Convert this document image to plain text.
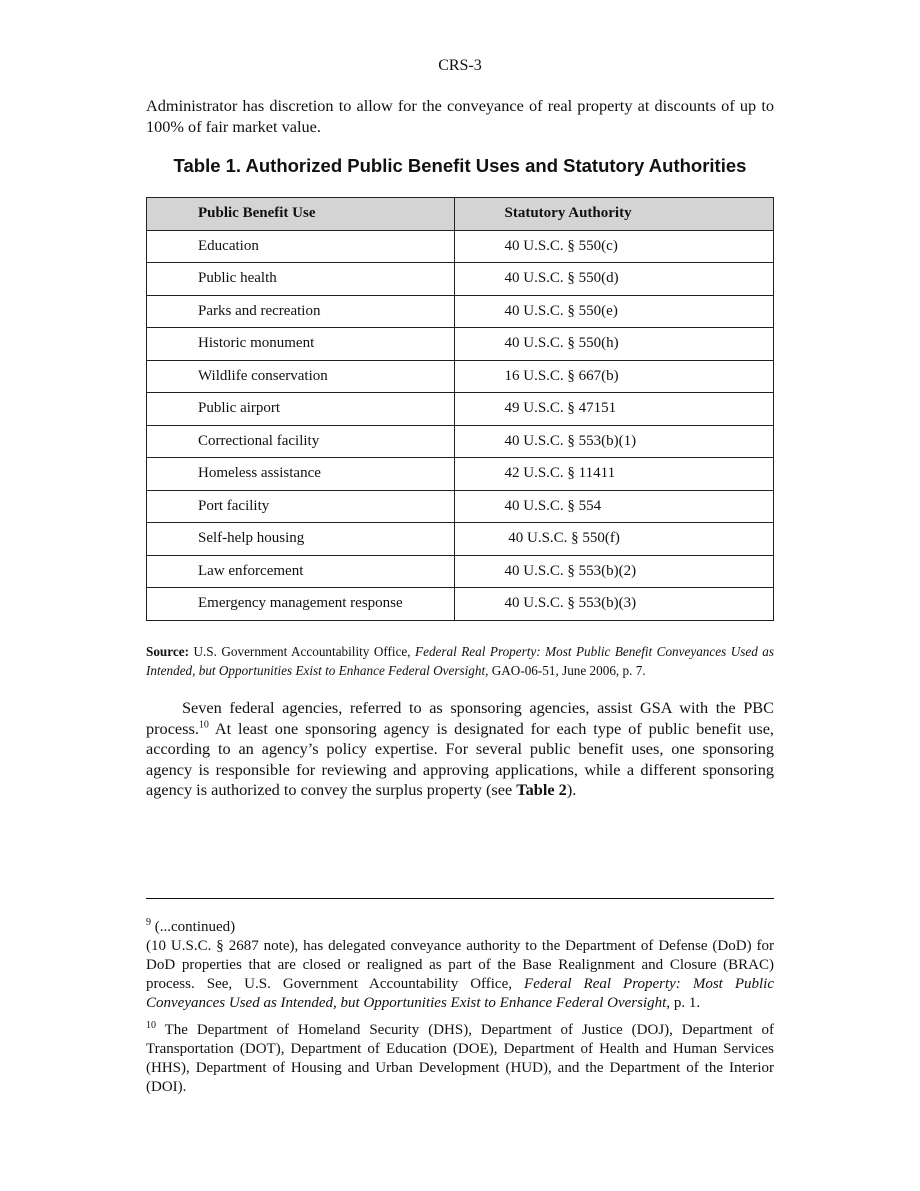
CRS-3

Administrator has discretion to allow for the conveyance of real property at discounts of up to 100% of fair market value.

Table 1. Authorized Public Benefit Uses and Statutory Authorities
Public Benefit Use	Statutory Authority
Education	40 U.S.C. § 550(c)
Public health	40 U.S.C. § 550(d)
Parks and recreation	40 U.S.C. § 550(e)
Historic monument	40 U.S.C. § 550(h)
Wildlife conservation	16 U.S.C. § 667(b)
Public airport	49 U.S.C. § 47151
Correctional facility	40 U.S.C. § 553(b)(1)
Homeless assistance	42 U.S.C. § 11411
Port facility	40 U.S.C. § 554
Self-help housing	40 U.S.C. § 550(f)
Law enforcement	40 U.S.C. § 553(b)(2)
Emergency management response	40 U.S.C. § 553(b)(3)

Source: U.S. Government Accountability Office, Federal Real Property: Most Public Benefit Conveyances Used as Intended, but Opportunities Exist to Enhance Federal Oversight, GAO-06-51, June 2006, p. 7.

Seven federal agencies, referred to as sponsoring agencies, assist GSA with the PBC process.$^{10}$ At least one sponsoring agency is designated for each type of public benefit use, according to an agency’s policy expertise. For several public benefit uses, one sponsoring agency is responsible for reviewing and approving applications, while a different sponsoring agency is authorized to convey the surplus property (see Table 2).

$^9$ (...continued)

(10 U.S.C. § 2687 note), has delegated conveyance authority to the Department of Defense (DoD) for DoD properties that are closed or realigned as part of the Base Realignment and Closure (BRAC) process. See, U.S. Government Accountability Office, Federal Real Property: Most Public Conveyances Used as Intended, but Opportunities Exist to Enhance Federal Oversight, p. 1.

$^{10}$ The Department of Homeland Security (DHS), Department of Justice (DOJ), Department of Transportation (DOT), Department of Education (DOE), Department of Health and Human Services (HHS), Department of Housing and Urban Development (HUD), and the Department of the Interior (DOI).
